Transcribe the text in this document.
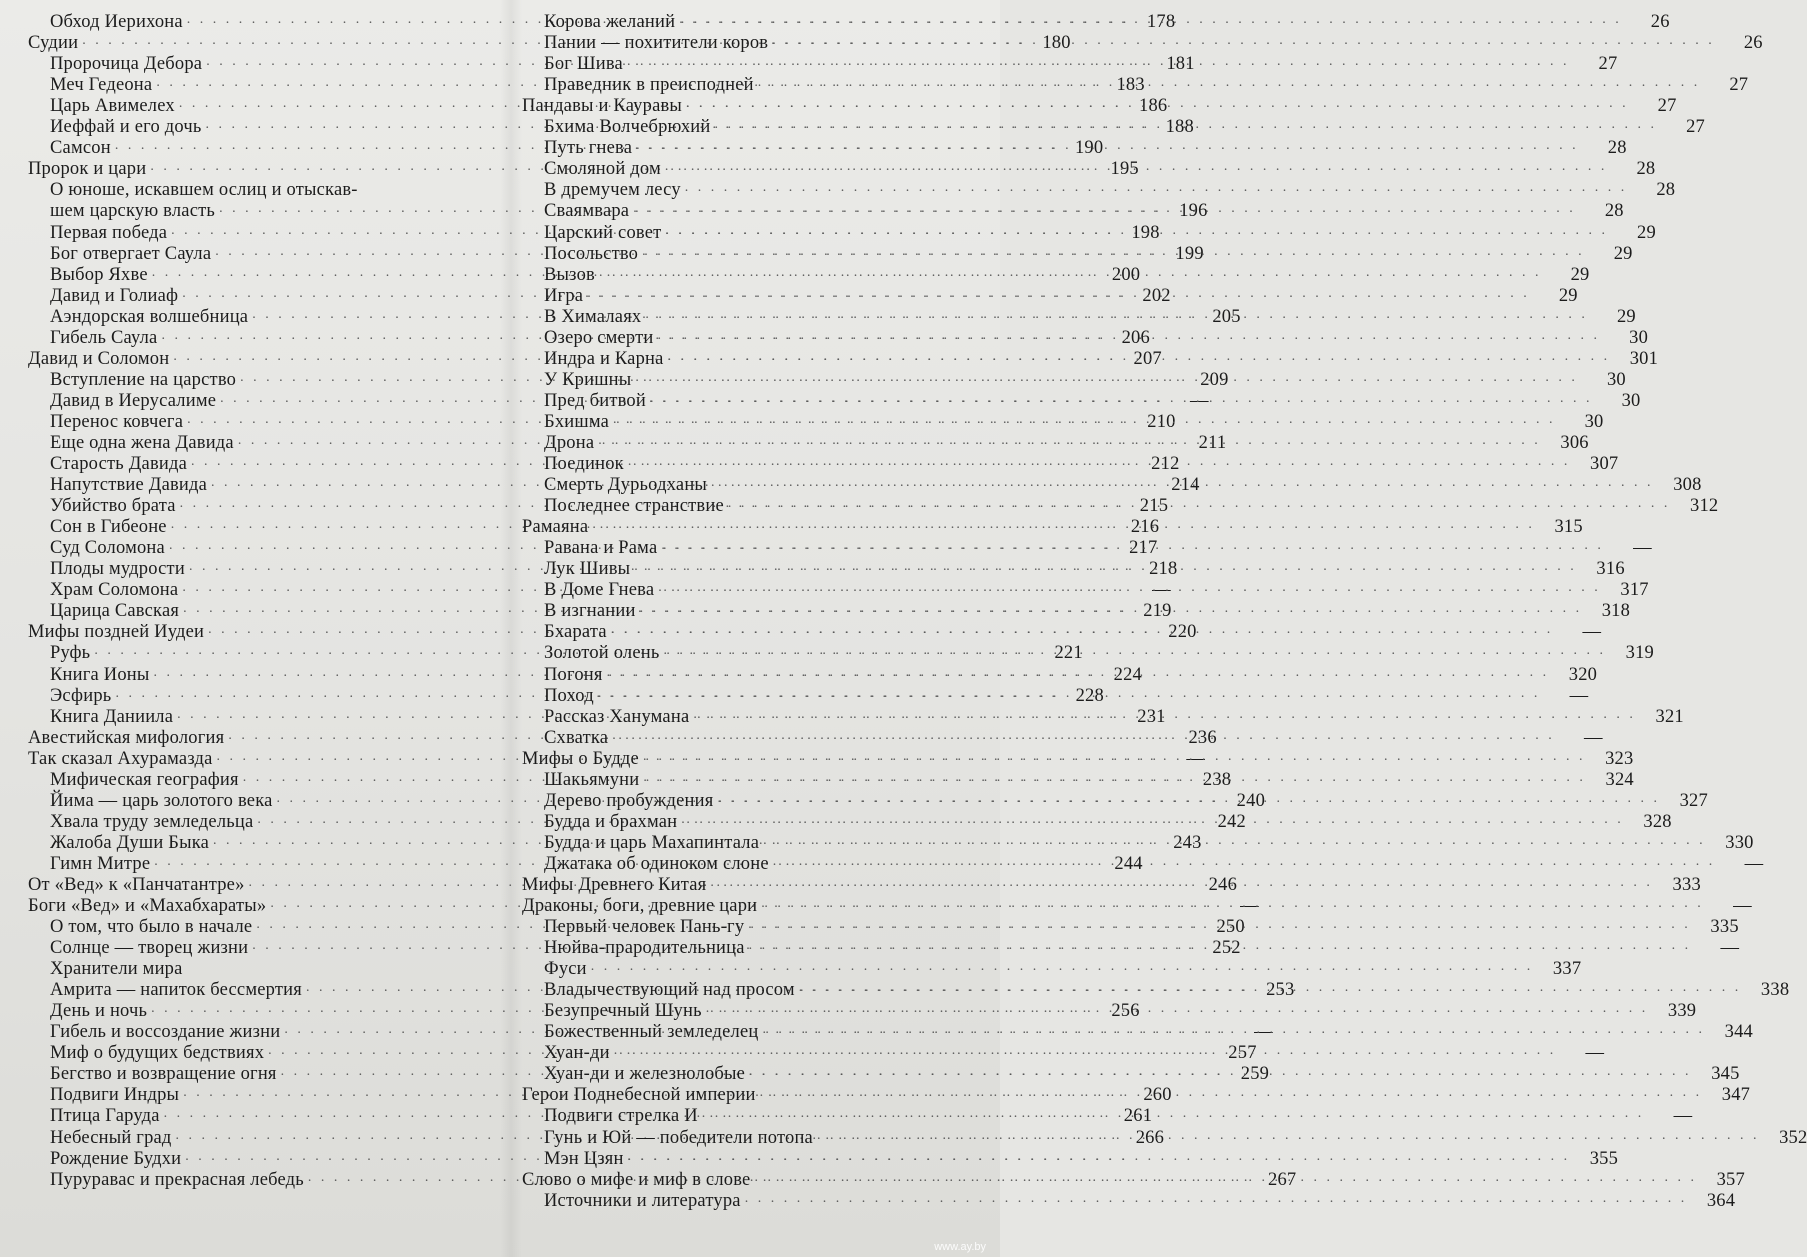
Обход Иерихона . . .	178
Судии . . .	180
Пророчица Дебора . . .	181
Меч Гедеона . . .	183
Царь Авимелех . . .	186
Иеффай и его дочь . . .	188
Самсон . . .	190
Пророк и цари . . .	195
О юноше, искавшем ослиц и отыскав-
шем царскую власть . . .	196
Первая победа . . .	198
Бог отвергает Саула . . .	199
Выбор Яхве . . .	200
Давид и Голиаф . . .	202
Аэндорская волшебница . . .	205
Гибель Саула . . .	206
Давид и Соломон . . .	207
Вступление на царство . . .	209
Давид в Иерусалиме . . .	—
Перенос ковчега . . .	210
Еще одна жена Давида . . .	211
Старость Давида . . .	212
Напутствие Давида . . .	214
Убийство брата . . .	215
Сон в Гибеоне . . .	216
Суд Соломона . . .	217
Плоды мудрости . . .	218
Храм Соломона . . .	—
Царица Савская . . .	219
Мифы поздней Иудеи . . .	220
Руфь . . .	221
Книга Ионы . . .	224
Эсфирь . . .	228
Книга Даниила . . .	231
Авестийская мифология . . .	236
Так сказал Ахурамазда . . .	—
Мифическая география . . .	238
Йима — царь золотого века . . .	240
Хвала труду земледельца . . .	242
Жалоба Души Быка . . .	243
Гимн Митре . . .	244
От «Вед» к «Панчатантре» . . .	246
Боги «Вед» и «Махабхараты» . . .	—
О том, что было в начале . . .	250
Солнце — творец жизни . . .	252
Хранители мира
Амрита — напиток бессмертия . . .	253
День и ночь . . .	256
Гибель и воссоздание жизни . . .	—
Миф о будущих бедствиях . . .	257
Бегство и возвращение огня . . .	259
Подвиги Индры . . .	260
Птица Гаруда . . .	261
Небесный град . . .	266
Рождение Будхи
. . .
Пуруравас и прекрасная лебедь . . .	267
Корова желаний . . .	26
Пании — похитители коров . . .	26
Бог Шива . . .	27
Праведник в преисподней . . .	27
Пандавы и Кауравы . . .	27
Бхима Волчебрюхий . . .	27
Путь гнева . . .	28
Смоляной дом . . .	28
В дремучем лесу . . .	28
Сваямвара . . .	28
Царский совет . . .	29
Посольство . . .	29
Вызов . . .	29
Игра . . .	29
В Хималаях . . .	29
Озеро смерти . . .	30
Индра и Карна . . .	301
У Кришны . . .	30
Пред битвой . . .	30
Бхишма . . .	30
Дрона . . .	306
Поединок . . .	307
Смерть Дурьодханы . . .	308
Последнее странствие . . .	312
Рамаяна . . .	315
Равана и Рама . . .	—
Лук Шивы . . .	316
В Доме Гнева . . .	317
В изгнании . . .	318
Бхарата . . .	—
Золотой олень . . .	319
Погоня . . .	320
Поход . . .	—
Рассказ Ханумана . . .	321
Схватка . . .	—
Мифы о Будде . . .	323
Шакьямуни . . .	324
Дерево пробуждения . . .	327
Будда и брахман . . .	328
Будда и царь Махапинтала . . .	330
Джатака об одиноком слоне . . .	—
Мифы Древнего Китая . . .	333
Драконы, боги, древние цари . . .	—
Первый человек Пань-гу . . .	335
Нюйва-прародительница . . .	—
Фуси . . .	337
Владычествующий над просом . . .	338
Безупречный Шунь . . .	339
Божественный земледелец . . .	344
Хуан-ди . . .	—
Хуан-ди и железнолобые . . .	345
Герои Поднебесной империи . . .	347
Подвиги стрелка И . . .	—
Гунь и Юй — победители потопа . . .	352
Мэн Цзян . . .	355
Слово о мифе и миф в слове . . .	357
Источники и литература . . .	364
www.ay.by
